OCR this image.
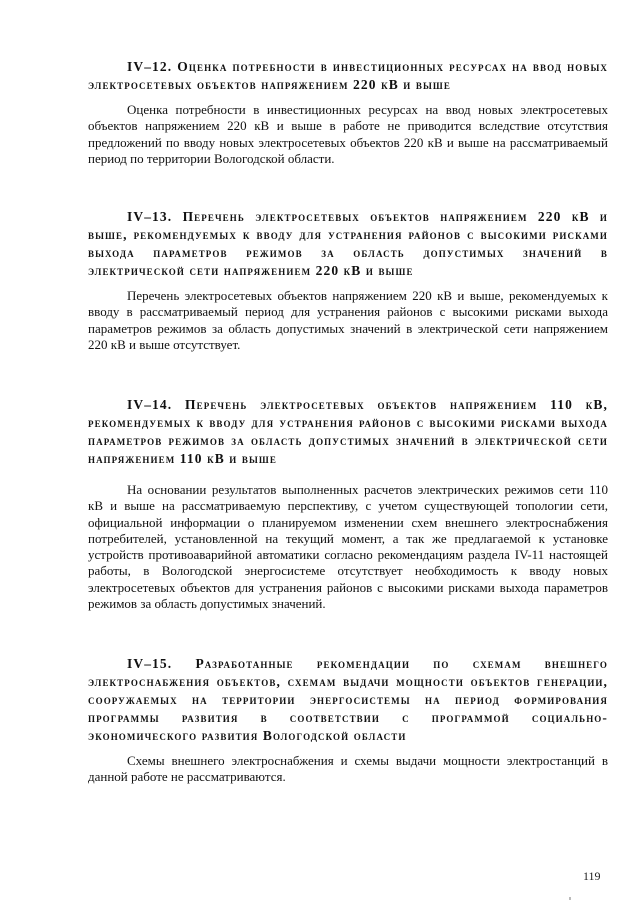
IV–12. Оценка потребности в инвестиционных ресурсах на ввод новых электросетевых объектов напряжением 220 кВ и выше

Оценка потребности в инвестиционных ресурсах на ввод новых электросетевых объектов напряжением 220 кВ и выше в работе не приводится вследствие отсутствия предложений по вводу новых электросетевых объектов 220 кВ и выше на рассматриваемый период по территории Вологодской области.

IV–13. Перечень электросетевых объектов напряжением 220 кВ и выше, рекомендуемых к вводу для устранения районов с высокими рисками выхода параметров режимов за область допустимых значений в электрической сети напряжением 220 кВ и выше

Перечень электросетевых объектов напряжением 220 кВ и выше, рекомендуемых к вводу в рассматриваемый период для устранения районов с высокими рисками выхода параметров режимов за область допустимых значений в электрической сети напряжением 220 кВ и выше отсутствует.

IV–14. Перечень электросетевых объектов напряжением 110 кВ, рекомендуемых к вводу для устранения районов с высокими рисками выхода параметров режимов за область допустимых значений в электрической сети напряжением 110 кВ и выше

На основании результатов выполненных расчетов электрических режимов сети 110 кВ и выше на рассматриваемую перспективу, с учетом существующей топологии сети, официальной информации о планируемом изменении схем внешнего электроснабжения потребителей, установленной на текущий момент, а так же предлагаемой к установке устройств противоаварийной автоматики согласно рекомендациям раздела IV-11 настоящей работы, в Вологодской энергосистеме отсутствует необходимость к вводу новых электросетевых объектов для устранения районов с высокими рисками выхода параметров режимов за область допустимых значений.

IV–15. Разработанные рекомендации по схемам внешнего электроснабжения объектов, схемам выдачи мощности объектов генерации, сооружаемых на территории энергосистемы на период формирования программы развития в соответствии с программой социально-экономического развития Вологодской области

Схемы внешнего электроснабжения и схемы выдачи мощности электростанций в данной работе не рассматриваются.

119
